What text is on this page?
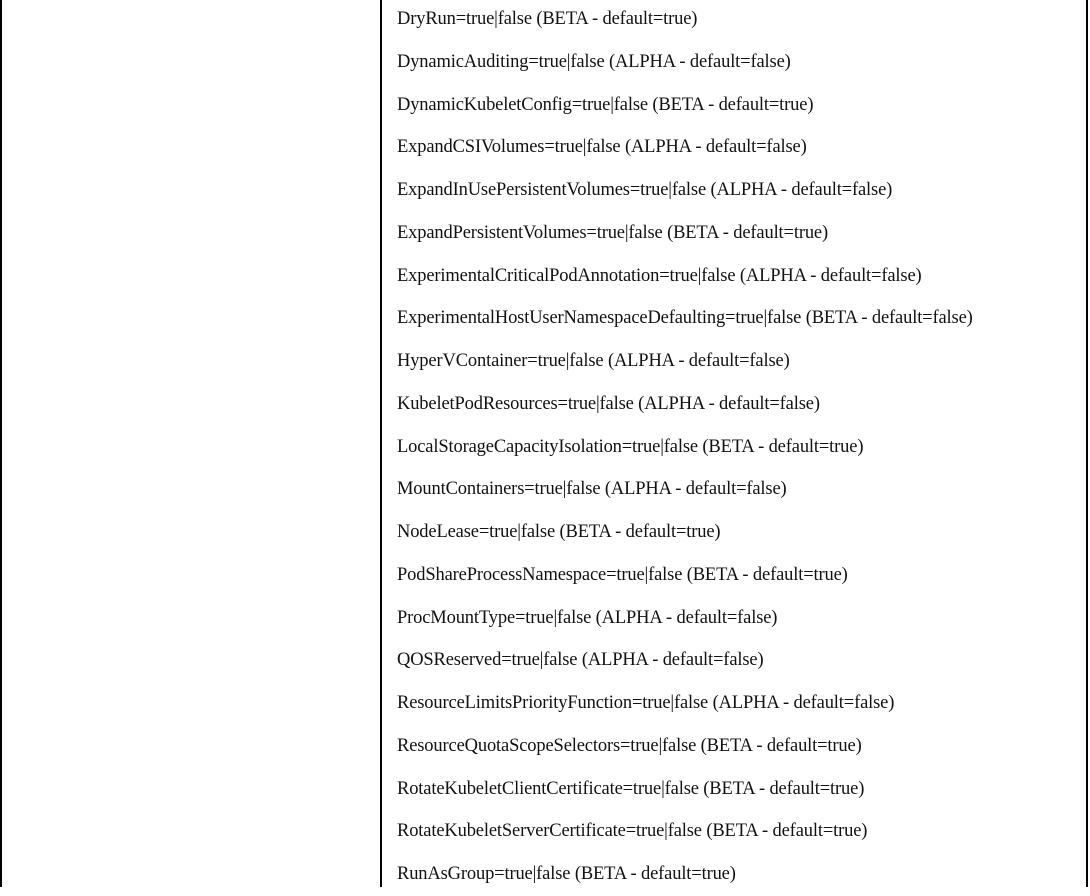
DryRun=true|false (BETA - default=true)
DynamicAuditing=true|false (ALPHA - default=false)
DynamicKubeletConfig=true|false (BETA - default=true)
ExpandCSIVolumes=true|false (ALPHA - default=false)
ExpandInUsePersistentVolumes=true|false (ALPHA - default=false)
ExpandPersistentVolumes=true|false (BETA - default=true)
ExperimentalCriticalPodAnnotation=true|false (ALPHA - default=false)
ExperimentalHostUserNamespaceDefaulting=true|false (BETA - default=false)
HyperVContainer=true|false (ALPHA - default=false)
KubeletPodResources=true|false (ALPHA - default=false)
LocalStorageCapacityIsolation=true|false (BETA - default=true)
MountContainers=true|false (ALPHA - default=false)
NodeLease=true|false (BETA - default=true)
PodShareProcessNamespace=true|false (BETA - default=true)
ProcMountType=true|false (ALPHA - default=false)
QOSReserved=true|false (ALPHA - default=false)
ResourceLimitsPriorityFunction=true|false (ALPHA - default=false)
ResourceQuotaScopeSelectors=true|false (BETA - default=true)
RotateKubeletClientCertificate=true|false (BETA - default=true)
RotateKubeletServerCertificate=true|false (BETA - default=true)
RunAsGroup=true|false (BETA - default=true)
